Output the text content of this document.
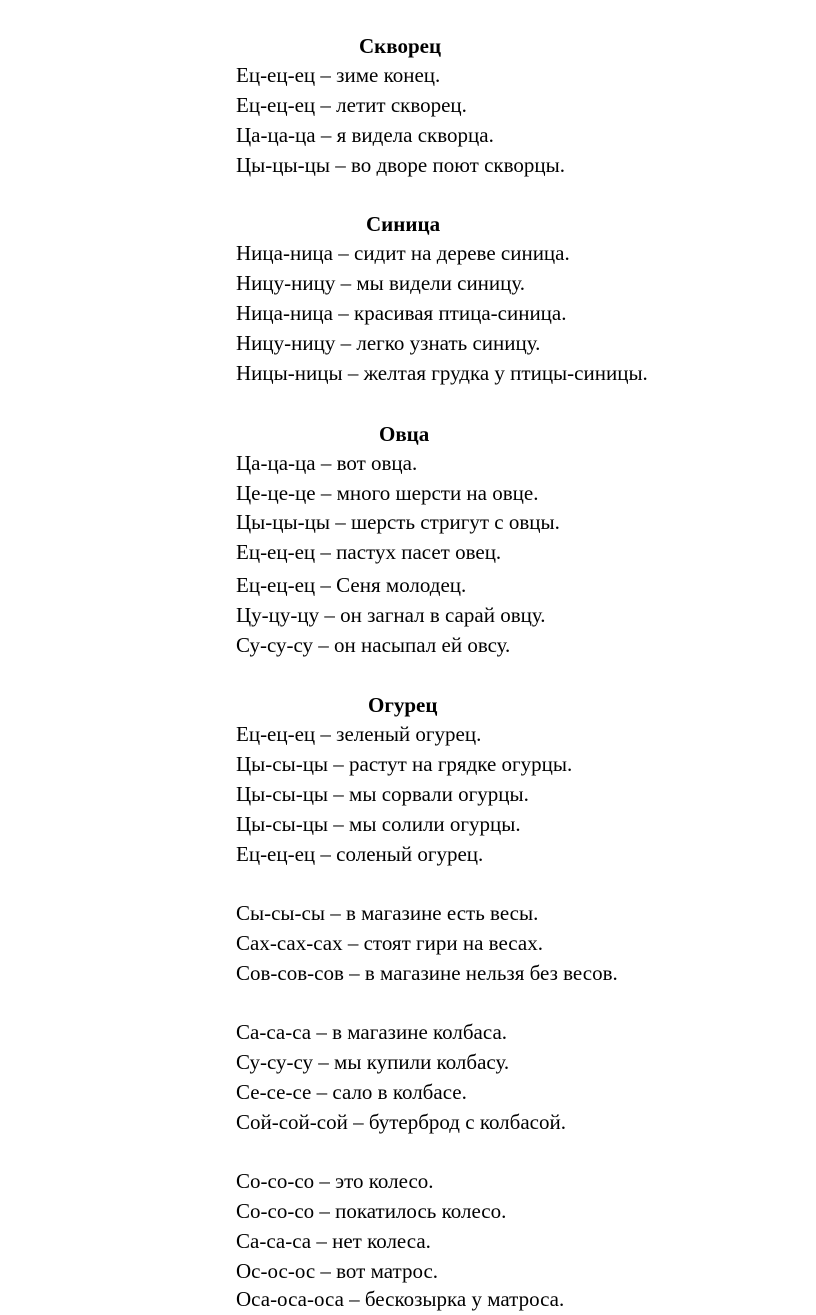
Скворец
Ец-ец-ец – зиме конец.
Ец-ец-ец – летит скворец.
Ца-ца-ца – я видела скворца.
Цы-цы-цы – во дворе поют скворцы.
Синица
Ница-ница – сидит на дереве синица.
Ницу-ницу – мы видели синицу.
Ница-ница – красивая птица-синица.
Ницу-ницу – легко узнать синицу.
Ницы-ницы – желтая грудка у птицы-синицы.
Овца
Ца-ца-ца – вот овца.
Це-це-це – много шерсти на овце.
Цы-цы-цы – шерсть стригут с овцы.
Ец-ец-ец – пастух пасет овец.
Ец-ец-ец – Сеня молодец.
Цу-цу-цу – он загнал в сарай овцу.
Су-су-су – он насыпал ей овсу.
Огурец
Ец-ец-ец – зеленый огурец.
Цы-сы-цы – растут на грядке огурцы.
Цы-сы-цы – мы сорвали огурцы.
Цы-сы-цы – мы солили огурцы.
Ец-ец-ец – соленый огурец.
Сы-сы-сы – в магазине есть весы.
Сах-сах-сах – стоят гири на весах.
Сов-сов-сов – в магазине нельзя без весов.
Са-са-са – в магазине колбаса.
Су-су-су – мы купили колбасу.
Се-се-се – сало в колбасе.
Сой-сой-сой – бутерброд с колбасой.
Со-со-со – это колесо.
Со-со-со – покатилось колесо.
Са-са-са – нет колеса.
Ос-ос-ос – вот матрос.
Оса-оса-оса – бескозырка у матроса.
